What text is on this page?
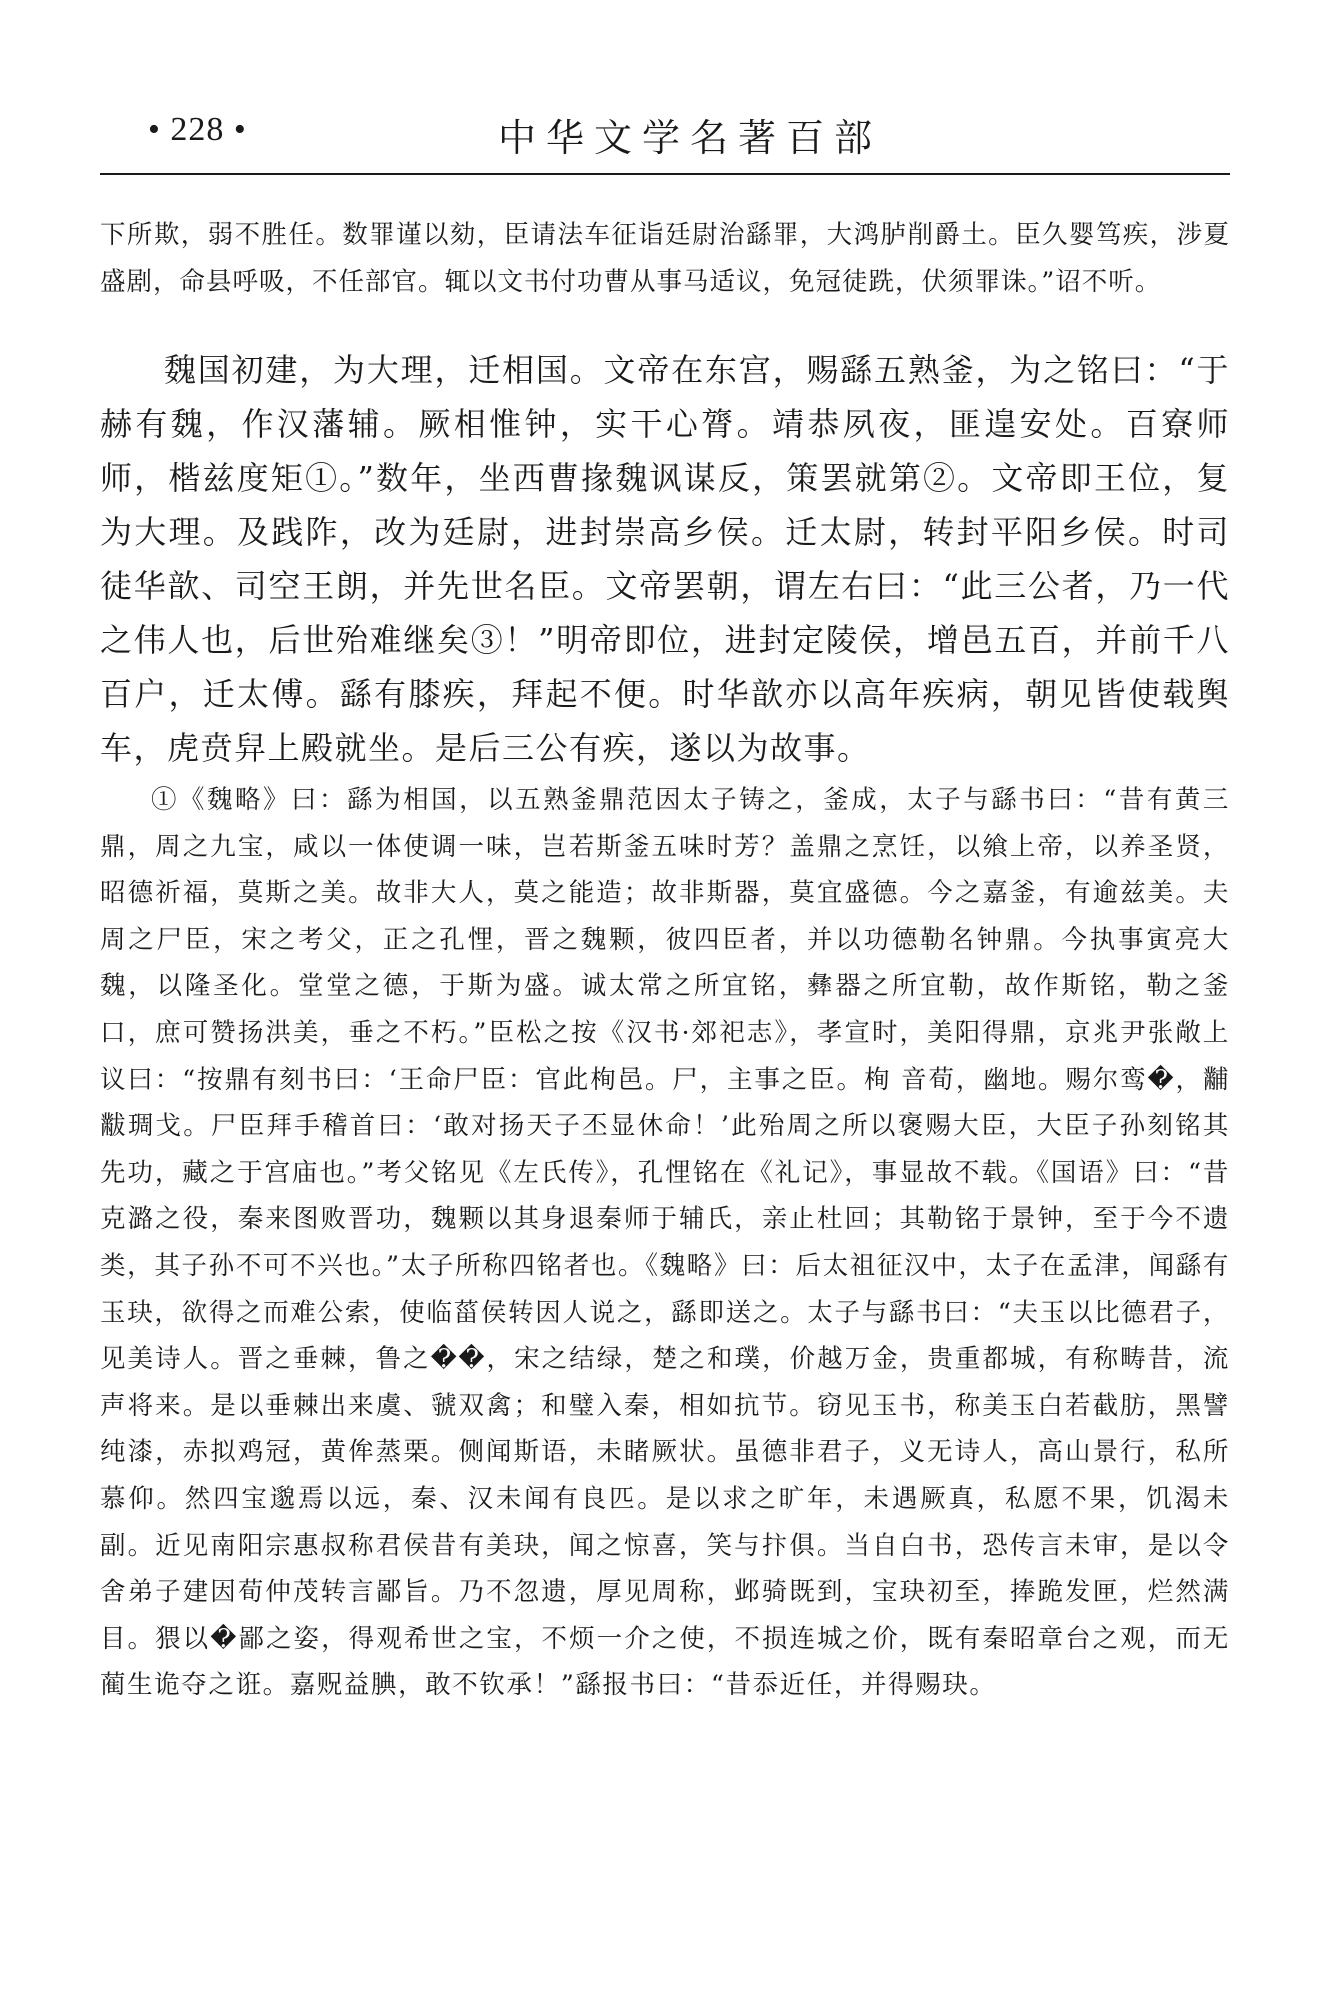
• 228 •	中华文学名著百部

下所欺，弱不胜任。数罪谨以劾，臣请法车征诣廷尉治繇罪，大鸿胪削爵土。臣久婴笃疾，涉夏盛剧，命县呼吸，不任部官。辄以文书付功曹从事马适议，免冠徒跣，伏须罪诛。”诏不听。

魏国初建，为大理，迁相国。文帝在东宫，赐繇五熟釜，为之铭曰：“于赫有魏，作汉藩辅。厥相惟钟，实干心膂。靖恭夙夜，匪遑安处。百寮师师，楷兹度矩①。”数年，坐西曹掾魏讽谋反，策罢就第②。文帝即王位，复为大理。及践阼，改为廷尉，进封崇高乡侯。迁太尉，转封平阳乡侯。时司徒华歆、司空王朗，并先世名臣。文帝罢朝，谓左右曰：“此三公者，乃一代之伟人也，后世殆难继矣③！”明帝即位，进封定陵侯，增邑五百，并前千八百户，迁太傅。繇有膝疾，拜起不便。时华歆亦以高年疾病，朝见皆使载舆车，虎贲舁上殿就坐。是后三公有疾，遂以为故事。

①《魏略》曰：繇为相国，以五熟釜鼎范因太子铸之，釜成，太子与繇书曰：“昔有黄三鼎，周之九宝，咸以一体使调一味，岂若斯釜五味时芳？盖鼎之烹饪，以飨上帝，以养圣贤，昭德祈福，莫斯之美。故非大人，莫之能造；故非斯器，莫宜盛德。今之嘉釜，有逾兹美。夫周之尸臣，宋之考父，正之孔悝，晋之魏颗，彼四臣者，并以功德勒名钟鼎。今执事寅亮大魏，以隆圣化。堂堂之德，于斯为盛。诚太常之所宜铭，彝器之所宜勒，故作斯铭，勒之釜口，庶可赞扬洪美，垂之不朽。”臣松之按《汉书·郊祀志》，孝宣时，美阳得鼎，京兆尹张敞上议曰：“按鼎有刻书曰：‘王命尸臣：官此栒邑。尸，主事之臣。栒 音荀，幽地。赐尔鸾�，黼黻琱戈。尸臣拜手稽首曰：‘敢对扬天子丕显休命！’此殆周之所以褒赐大臣，大臣子孙刻铭其先功，藏之于宫庙也。”考父铭见《左氏传》，孔悝铭在《礼记》，事显故不载。《国语》曰：“昔克潞之役，秦来图败晋功，魏颗以其身退秦师于辅氏，亲止杜回；其勒铭于景钟，至于今不遗类，其子孙不可不兴也。”太子所称四铭者也。《魏略》曰：后太祖征汉中，太子在孟津，闻繇有玉玦，欲得之而难公索，使临菑侯转因人说之，繇即送之。太子与繇书曰：“夫玉以比德君子，见美诗人。晋之垂棘，鲁之��，宋之结绿，楚之和璞，价越万金，贵重都城，有称畴昔，流声将来。是以垂棘出来虞、虢双禽；和璧入秦，相如抗节。窃见玉书，称美玉白若截肪，黑譬纯漆，赤拟鸡冠，黄侔蒸栗。侧闻斯语，未睹厥状。虽德非君子，义无诗人，高山景行，私所慕仰。然四宝邈焉以远，秦、汉未闻有良匹。是以求之旷年，未遇厥真，私愿不果，饥渴未副。近见南阳宗惠叔称君侯昔有美玦，闻之惊喜，笑与抃俱。当自白书，恐传言未审，是以令舍弟子建因荀仲茂转言鄙旨。乃不忽遗，厚见周称，邺骑既到，宝玦初至，捧跪发匣，烂然满目。猥以�鄙之姿，得观希世之宝，不烦一介之使，不损连城之价，既有秦昭章台之观，而无蔺生诡夺之诳。嘉贶益腆，敢不钦承！”繇报书曰：“昔忝近任，并得赐玦。
